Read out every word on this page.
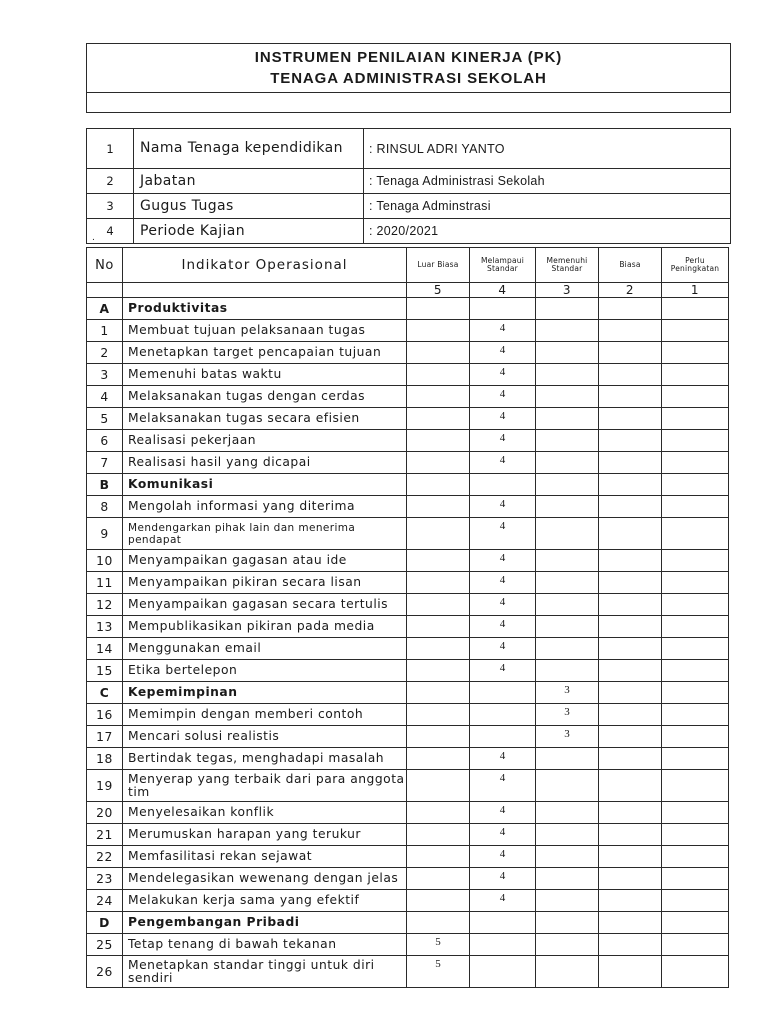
INSTRUMEN PENILAIAN KINERJA (PK)
TENAGA ADMINISTRASI SEKOLAH		

1	Nama Tenaga kependidikan	: RINSUL ADRI YANTO
2	Jabatan	: Tenaga Administrasi Sekolah
3	Gugus Tugas	: Tenaga Adminstrasi
4	Periode Kajian	: 2020/2021
.
No	Indikator Operasional	Luar Biasa	Melampaui Standar	Memenuhi Standar	Biasa	Perlu Peningkatan
		5	4	3	2	1
A	Produktivitas					
1	Membuat tujuan pelaksanaan tugas		4			
2	Menetapkan target pencapaian tujuan		4			
3	Memenuhi batas waktu		4			
4	Melaksanakan tugas dengan cerdas		4			
5	Melaksanakan tugas secara efisien		4			
6	Realisasi pekerjaan		4			
7	Realisasi hasil yang dicapai		4			
B	Komunikasi					
8	Mengolah informasi yang diterima		4			
9	Mendengarkan pihak lain dan menerima pendapat		4			
10	Menyampaikan gagasan atau ide		4			
11	Menyampaikan pikiran secara lisan		4			
12	Menyampaikan gagasan secara tertulis		4			
13	Mempublikasikan pikiran pada media		4			
14	Menggunakan email		4			
15	Etika bertelepon		4			
C	Kepemimpinan			3		
16	Memimpin dengan memberi contoh			3		
17	Mencari solusi realistis			3		
18	Bertindak tegas, menghadapi masalah		4			
19	Menyerap yang terbaik dari para anggota tim		4			
20	Menyelesaikan konflik		4			
21	Merumuskan harapan yang terukur		4			
22	Memfasilitasi rekan sejawat		4			
23	Mendelegasikan wewenang dengan jelas		4			
24	Melakukan kerja sama yang efektif		4			
D	Pengembangan Pribadi					
25	Tetap tenang di bawah tekanan	5				
26	Menetapkan standar tinggi untuk diri sendiri	5				
